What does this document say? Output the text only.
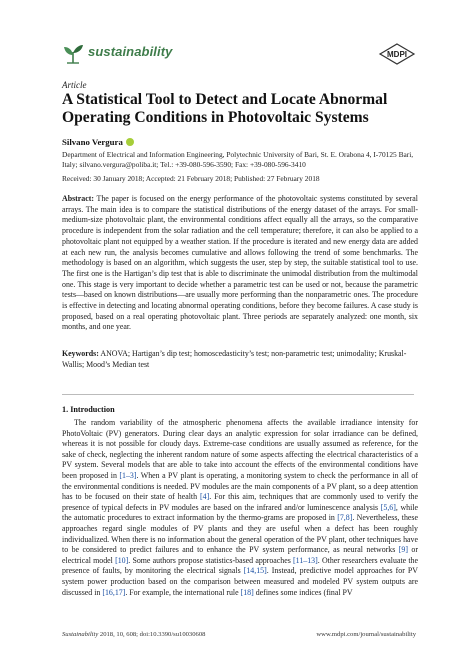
sustainability	MDPI
Article
A Statistical Tool to Detect and Locate Abnormal Operating Conditions in Photovoltaic Systems
Silvano Vergura
Department of Electrical and Information Engineering, Polytechnic University of Bari, St. E. Orabona 4, I-70125 Bari, Italy; silvano.vergura@poliba.it; Tel.: +39-080-596-3590; Fax: +39-080-596-3410
Received: 30 January 2018; Accepted: 21 February 2018; Published: 27 February 2018
Abstract: The paper is focused on the energy performance of the photovoltaic systems constituted by several arrays. The main idea is to compare the statistical distributions of the energy dataset of the arrays. For small-medium-size photovoltaic plant, the environmental conditions affect equally all the arrays, so the comparative procedure is independent from the solar radiation and the cell temperature; therefore, it can also be applied to a photovoltaic plant not equipped by a weather station. If the procedure is iterated and new energy data are added at each new run, the analysis becomes cumulative and allows following the trend of some benchmarks. The methodology is based on an algorithm, which suggests the user, step by step, the suitable statistical tool to use. The first one is the Hartigan’s dip test that is able to discriminate the unimodal distribution from the multimodal one. This stage is very important to decide whether a parametric test can be used or not, because the parametric tests—based on known distributions—are usually more performing than the nonparametric ones. The procedure is effective in detecting and locating abnormal operating conditions, before they become failures. A case study is proposed, based on a real operating photovoltaic plant. Three periods are separately analyzed: one month, six months, and one year.
Keywords: ANOVA; Hartigan’s dip test; homoscedasticity’s test; non-parametric test; unimodality; Kruskal-Wallis; Mood’s Median test
1. Introduction
The random variability of the atmospheric phenomena affects the available irradiance intensity for PhotoVoltaic (PV) generators. During clear days an analytic expression for solar irradiance can be defined, whereas it is not possible for cloudy days. Extreme-case conditions are usually assumed as reference, for the sake of check, neglecting the inherent random nature of some aspects affecting the electrical characteristics of a PV system. Several models that are able to take into account the effects of the environmental conditions have been proposed in [1–3]. When a PV plant is operating, a monitoring system to check the performance in all of the environmental conditions is needed. PV modules are the main components of a PV plant, so a deep attention has to be focused on their state of health [4]. For this aim, techniques that are commonly used to verify the presence of typical defects in PV modules are based on the infrared and/or luminescence analysis [5,6], while the automatic procedures to extract information by the thermo-grams are proposed in [7,8]. Nevertheless, these approaches regard single modules of PV plants and they are useful when a defect has been roughly individualized. When there is no information about the general operation of the PV plant, other techniques have to be considered to predict failures and to enhance the PV system performance, as neural networks [9] or electrical model [10]. Some authors propose statistics-based approaches [11–13]. Other researchers evaluate the presence of faults, by monitoring the electrical signals [14,15]. Instead, predictive model approaches for PV system power production based on the comparison between measured and modeled PV system outputs are discussed in [16,17]. For example, the international rule [18] defines some indices (final PV
Sustainability 2018, 10, 608; doi:10.3390/su10030608	www.mdpi.com/journal/sustainability
